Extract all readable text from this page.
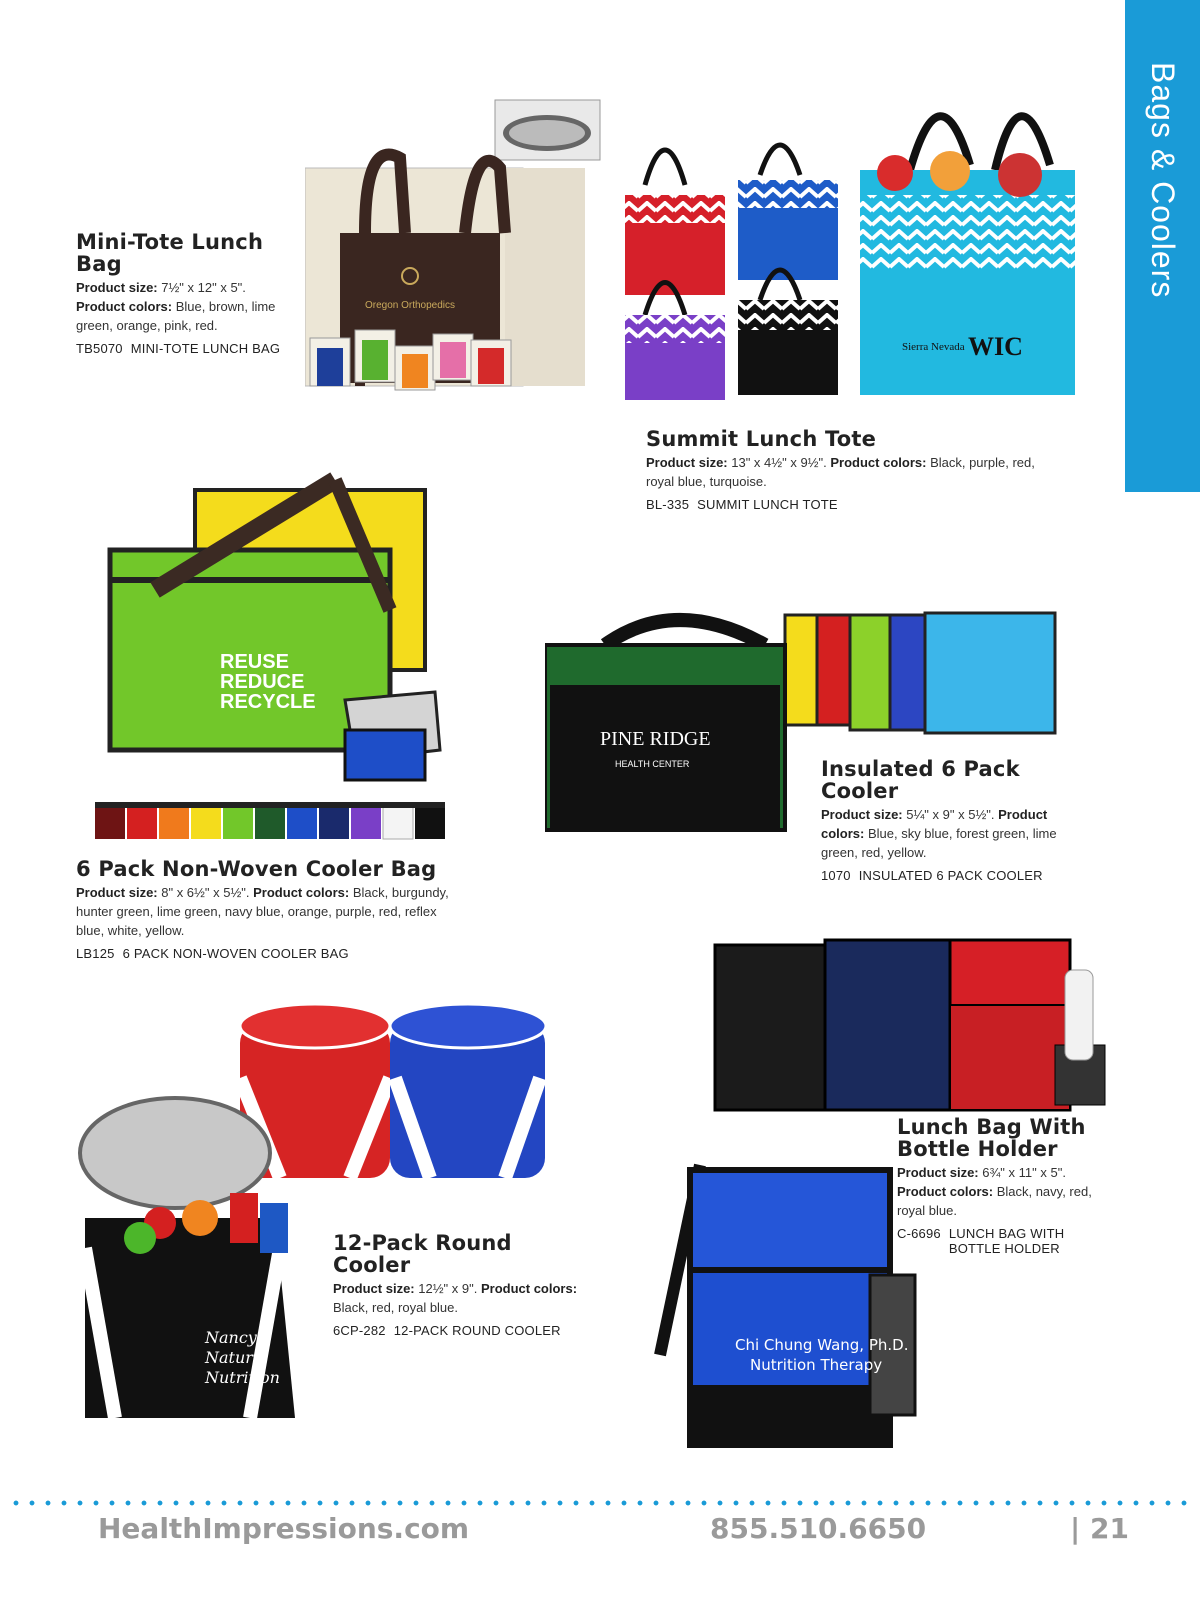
Bags & Coolers
Oregon Orthopedics
Mini-Tote Lunch Bag

Product size: 7½" x 12" x 5".
Product colors: Blue, brown, lime green, orange, pink, red.

TB5070 MINI-TOTE LUNCH BAG	Sierra Nevada WIC
Summit Lunch Tote

Product size: 13" x 4½" x 9½". Product colors: Black, purple, red, royal blue, turquoise.

BL-335 SUMMIT LUNCH TOTE
REUSE
REDUCE
RECYCLE
6 Pack Non-Woven Cooler Bag

Product size: 8" x 6½" x 5½". Product colors: Black, burgundy, hunter green, lime green, navy blue, orange, purple, red, reflex blue, white, yellow.

LB125 6 PACK NON-WOVEN COOLER BAG
PINE RIDGE
HEALTH CENTER	Insulated 6 Pack Cooler

Product size: 5¼" x 9" x 5½". Product colors: Blue, sky blue, forest green, lime green, red, yellow.

1070 INSULATED 6 PACK COOLER
Chi Chung Wang, Ph.D.
Nutrition Therapy
Lunch Bag With Bottle Holder

Product size: 6¾" x 11" x 5".
Product colors: Black, navy, red, royal blue.

C-6696 LUNCH BAG WITH BOTTLE HOLDER
Nancy's
Natural
Nutrition
12-Pack Round Cooler

Product size: 12½" x 9". Product colors: Black, red, royal blue.

6CP-282 12-PACK ROUND COOLER
HealthImpressions.com	855.510.6650	| 21
